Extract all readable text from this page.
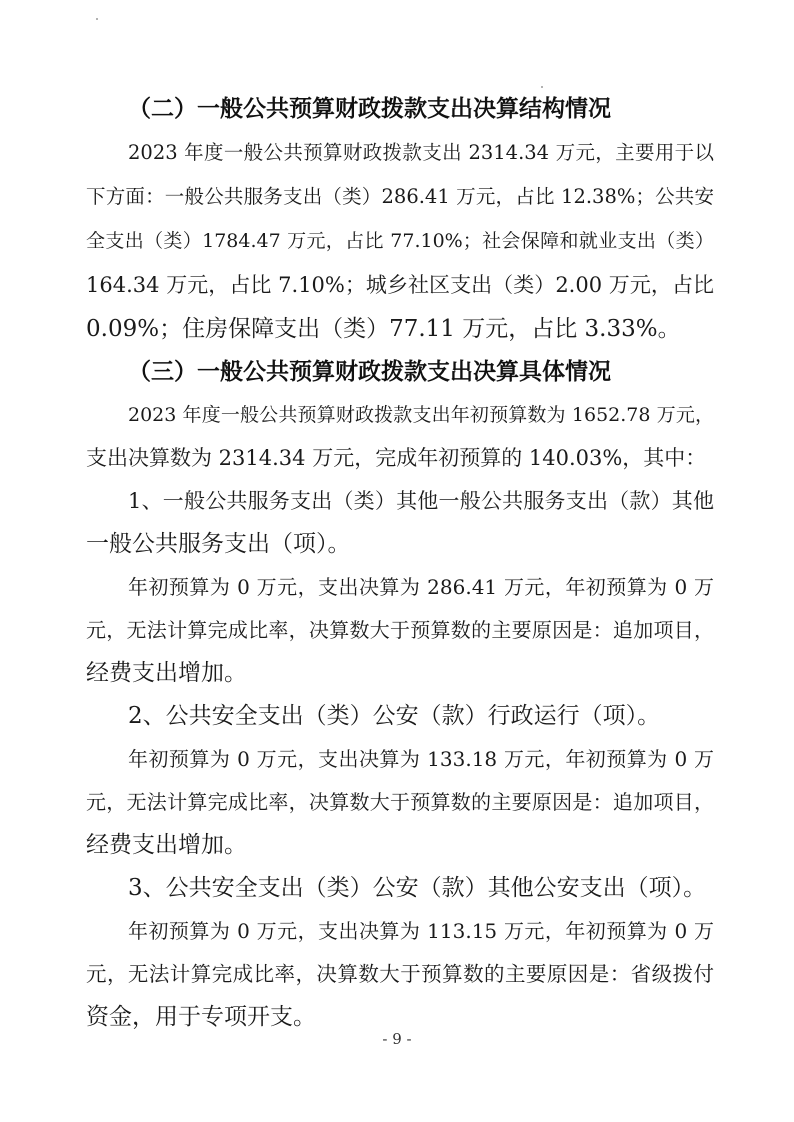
（二）一般公共预算财政拨款支出决算结构情况
2023 年度一般公共预算财政拨款支出 2314.34 万元，主要用于以
下方面：一般公共服务支出（类）286.41 万元，占比 12.38%；公共安
全支出（类）1784.47 万元，占比 77.10%；社会保障和就业支出（类）
164.34 万元，占比 7.10%；城乡社区支出（类）2.00 万元，占比
0.09%；住房保障支出（类）77.11 万元，占比 3.33%。
（三）一般公共预算财政拨款支出决算具体情况
2023 年度一般公共预算财政拨款支出年初预算数为 1652.78 万元，
支出决算数为 2314.34 万元，完成年初预算的 140.03%，其中：
1、一般公共服务支出（类）其他一般公共服务支出（款）其他
一般公共服务支出（项）。
年初预算为 0 万元，支出决算为 286.41 万元，年初预算为 0 万
元，无法计算完成比率，决算数大于预算数的主要原因是：追加项目，
经费支出增加。
2、公共安全支出（类）公安（款）行政运行（项）。
年初预算为 0 万元，支出决算为 133.18 万元，年初预算为 0 万
元，无法计算完成比率，决算数大于预算数的主要原因是：追加项目，
经费支出增加。
3、公共安全支出（类）公安（款）其他公安支出（项）。
年初预算为 0 万元，支出决算为 113.15 万元，年初预算为 0 万
元，无法计算完成比率，决算数大于预算数的主要原因是：省级拨付
资金，用于专项开支。
- 9 -
